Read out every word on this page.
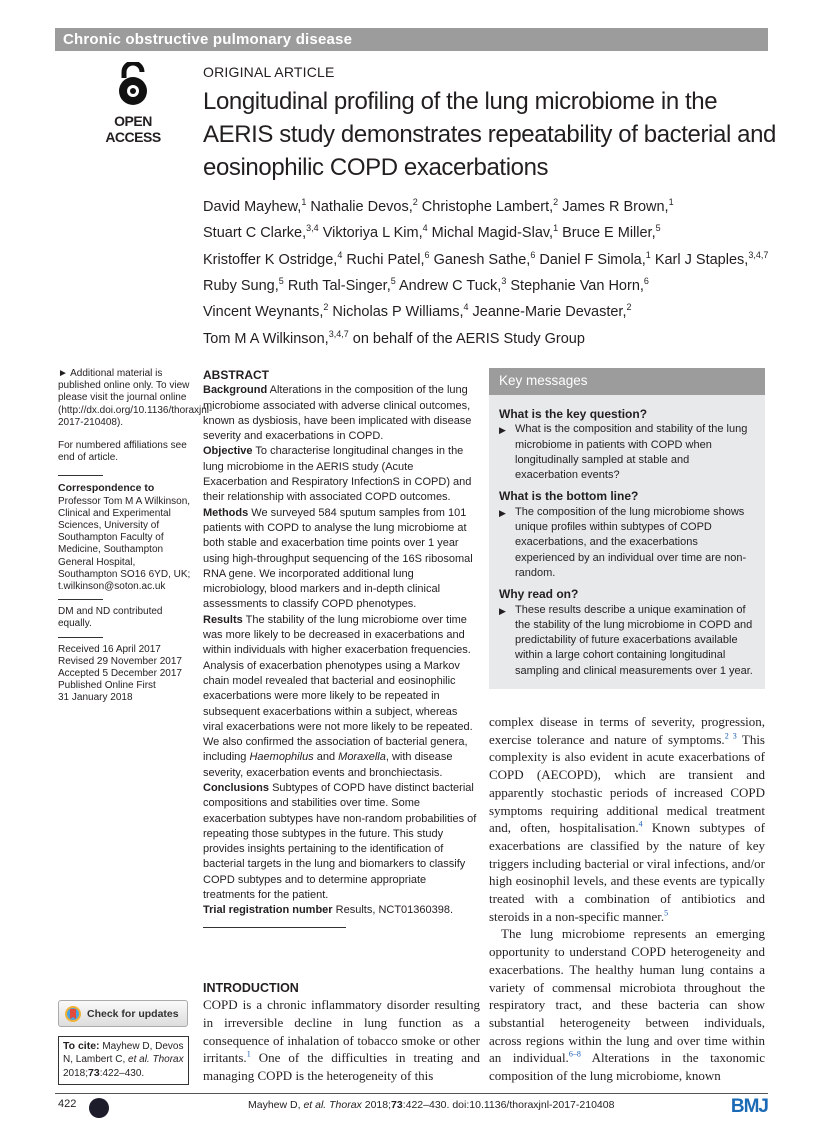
Chronic obstructive pulmonary disease
OPEN ACCESS
ORIGINAL ARTICLE
Longitudinal profiling of the lung microbiome in the AERIS study demonstrates repeatability of bacterial and eosinophilic COPD exacerbations
David Mayhew,$^1$ Nathalie Devos,$^2$ Christophe Lambert,$^2$ James R Brown,$^1$
Stuart C Clarke,$^{3,4}$ Viktoriya L Kim,$^4$ Michal Magid-Slav,$^1$ Bruce E Miller,$^5$
Kristoffer K Ostridge,$^4$ Ruchi Patel,$^6$ Ganesh Sathe,$^6$ Daniel F Simola,$^1$ Karl J Staples,$^{3,4,7}$
Ruby Sung,$^5$ Ruth Tal-Singer,$^5$ Andrew C Tuck,$^3$ Stephanie Van Horn,$^6$
Vincent Weynants,$^2$ Nicholas P Williams,$^4$ Jeanne-Marie Devaster,$^2$
Tom M A Wilkinson,$^{3,4,7}$ on behalf of the AERIS Study Group

► Additional material is published online only. To view please visit the journal online (http://dx.doi.org/10.1136/thoraxjnl-2017-210408).

For numbered affiliations see end of article.

Correspondence to
Professor Tom M A Wilkinson, Clinical and Experimental Sciences, University of Southampton Faculty of Medicine, Southampton General Hospital, Southampton SO16 6YD, UK;
t.wilkinson@soton.ac.uk

DM and ND contributed equally.

Received 16 April 2017
Revised 29 November 2017
Accepted 5 December 2017
Published Online First
31 January 2018
Check for updates
To cite: Mayhew D, Devos N, Lambert C, et al. Thorax 2018;73:422–430.
ABSTRACT

Background Alterations in the composition of the lung microbiome associated with adverse clinical outcomes, known as dysbiosis, have been implicated with disease severity and exacerbations in COPD.

Objective To characterise longitudinal changes in the lung microbiome in the AERIS study (Acute Exacerbation and Respiratory InfectionS in COPD) and their relationship with associated COPD outcomes.

Methods We surveyed 584 sputum samples from 101 patients with COPD to analyse the lung microbiome at both stable and exacerbation time points over 1 year using high-throughput sequencing of the 16S ribosomal RNA gene. We incorporated additional lung microbiology, blood markers and in-depth clinical assessments to classify COPD phenotypes.

Results The stability of the lung microbiome over time was more likely to be decreased in exacerbations and within individuals with higher exacerbation frequencies. Analysis of exacerbation phenotypes using a Markov chain model revealed that bacterial and eosinophilic exacerbations were more likely to be repeated in subsequent exacerbations within a subject, whereas viral exacerbations were not more likely to be repeated. We also confirmed the association of bacterial genera, including Haemophilus and Moraxella, with disease severity, exacerbation events and bronchiectasis.

Conclusions Subtypes of COPD have distinct bacterial compositions and stabilities over time. Some exacerbation subtypes have non-random probabilities of repeating those subtypes in the future. This study provides insights pertaining to the identification of bacterial targets in the lung and biomarkers to classify COPD subtypes and to determine appropriate treatments for the patient.

Trial registration number Results, NCT01360398.

INTRODUCTION

COPD is a chronic inflammatory disorder resulting in irreversible decline in lung function as a consequence of inhalation of tobacco smoke or other irritants.$^1$ One of the difficulties in treating and managing COPD is the heterogeneity of this

Key messages
What is the key question?
▶ What is the composition and stability of the lung microbiome in patients with COPD when longitudinally sampled at stable and exacerbation events?
What is the bottom line?
▶ The composition of the lung microbiome shows unique profiles within subtypes of COPD exacerbations, and the exacerbations experienced by an individual over time are non-random.
Why read on?
▶ These results describe a unique examination of the stability of the lung microbiome in COPD and predictability of future exacerbations available within a large cohort containing longitudinal sampling and clinical measurements over 1 year.

complex disease in terms of severity, progression, exercise tolerance and nature of symptoms.$^{2 3}$ This complexity is also evident in acute exacerbations of COPD (AECOPD), which are transient and apparently stochastic periods of increased COPD symptoms requiring additional medical treatment and, often, hospitalisation.$^4$ Known subtypes of exacerbations are classified by the nature of key triggers including bacterial or viral infections, and/or high eosinophil levels, and these events are typically treated with a combination of antibiotics and steroids in a non-specific manner.$^5$

The lung microbiome represents an emerging opportunity to understand COPD heterogeneity and exacerbations. The healthy human lung contains a variety of commensal microbiota throughout the respiratory tract, and these bacteria can show substantial heterogeneity between individuals, across regions within the lung and over time within an individual.$^{6-8}$ Alterations in the taxonomic composition of the lung microbiome, known

422	Mayhew D, et al. Thorax 2018;73:422–430. doi:10.1136/thoraxjnl-2017-210408	BMJ
